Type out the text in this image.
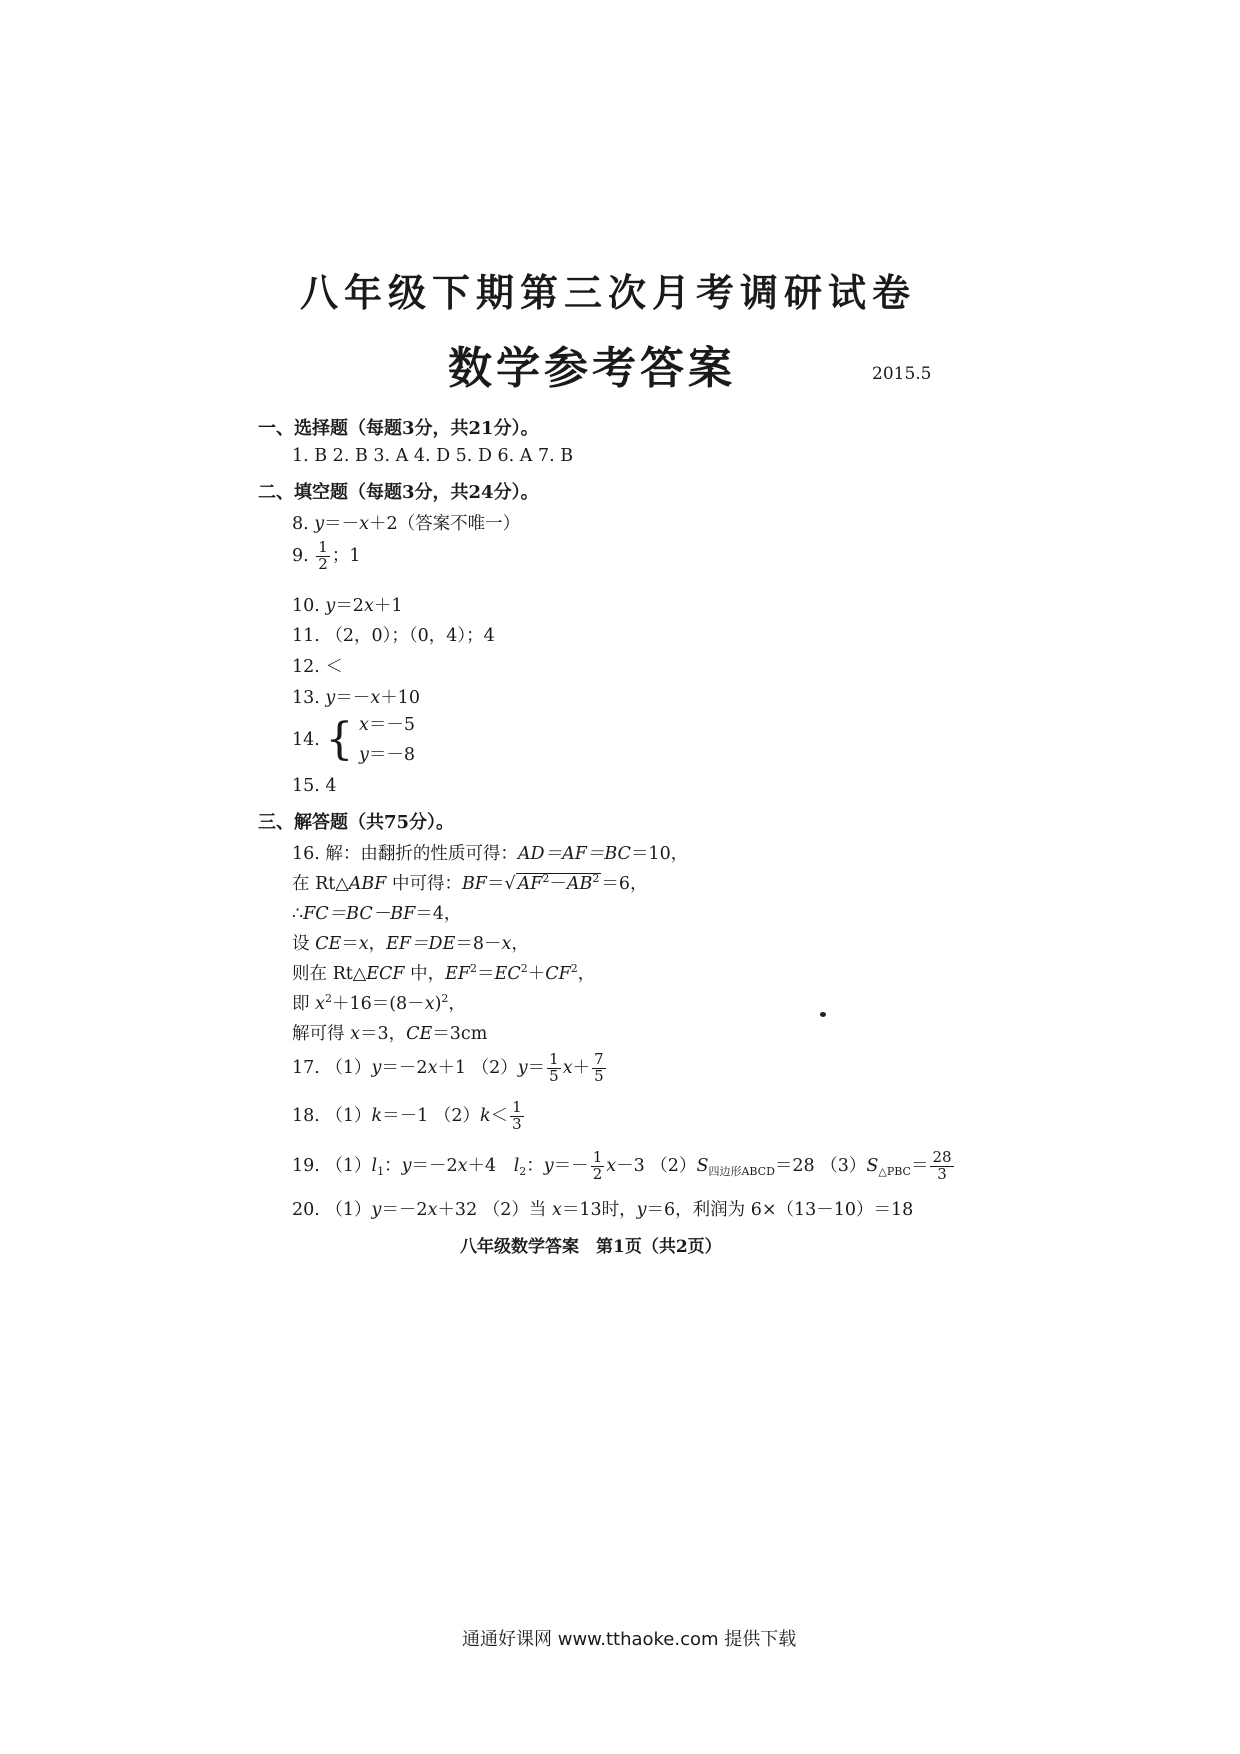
八年级下期第三次月考调研试卷
数学参考答案	2015.5
一、选择题（每题3分，共21分）。
1. B 2. B 3. A 4. D 5. D 6. A 7. B
二、填空题（每题3分，共24分）。
8. y＝－x＋2（答案不唯一）
9. $\frac{1}{2}$ ；1
10. y＝2x＋1
11. （2，0）；（0，4）；4
12. ＜
13. y＝－x＋10
14. { x＝－5
y＝－8
15. 4
三、解答题（共75分）。
16. 解：由翻折的性质可得：AD＝AF＝BC＝10，
在 Rt△ABF 中可得：BF＝√ $AF^2-AB^2 =6$，
∴FC＝BC－BF＝4，
设 CE＝x，EF＝DE＝8－x，
则在 Rt△ECF 中，$EF^2=EC^2+CF^2$，
即 $x^2+16=(8-x)^2$，
解可得 x＝3，CE＝3cm
17. （1）y＝－2x＋1 $(2)y= \frac{1}{5} x+ \frac{7}{5}$
18. （1）k＝－1 $(2)k< \frac{1}{3}$
19. $(1)l_1$：y＝－2x＋4　$l_2$：$y=- \frac{1}{2} x-3$ $(2)S_{四边形ABCD}=28$ $(3)S_{\triangle PBC}= \frac{28}{3}$
20. （1）y＝－2x＋32 （2）当 x＝13时，y＝6，利润为 6×（13－10）＝18
八年级数学答案　第1页（共2页）
通通好课网 www.tthaoke.com 提供下载
